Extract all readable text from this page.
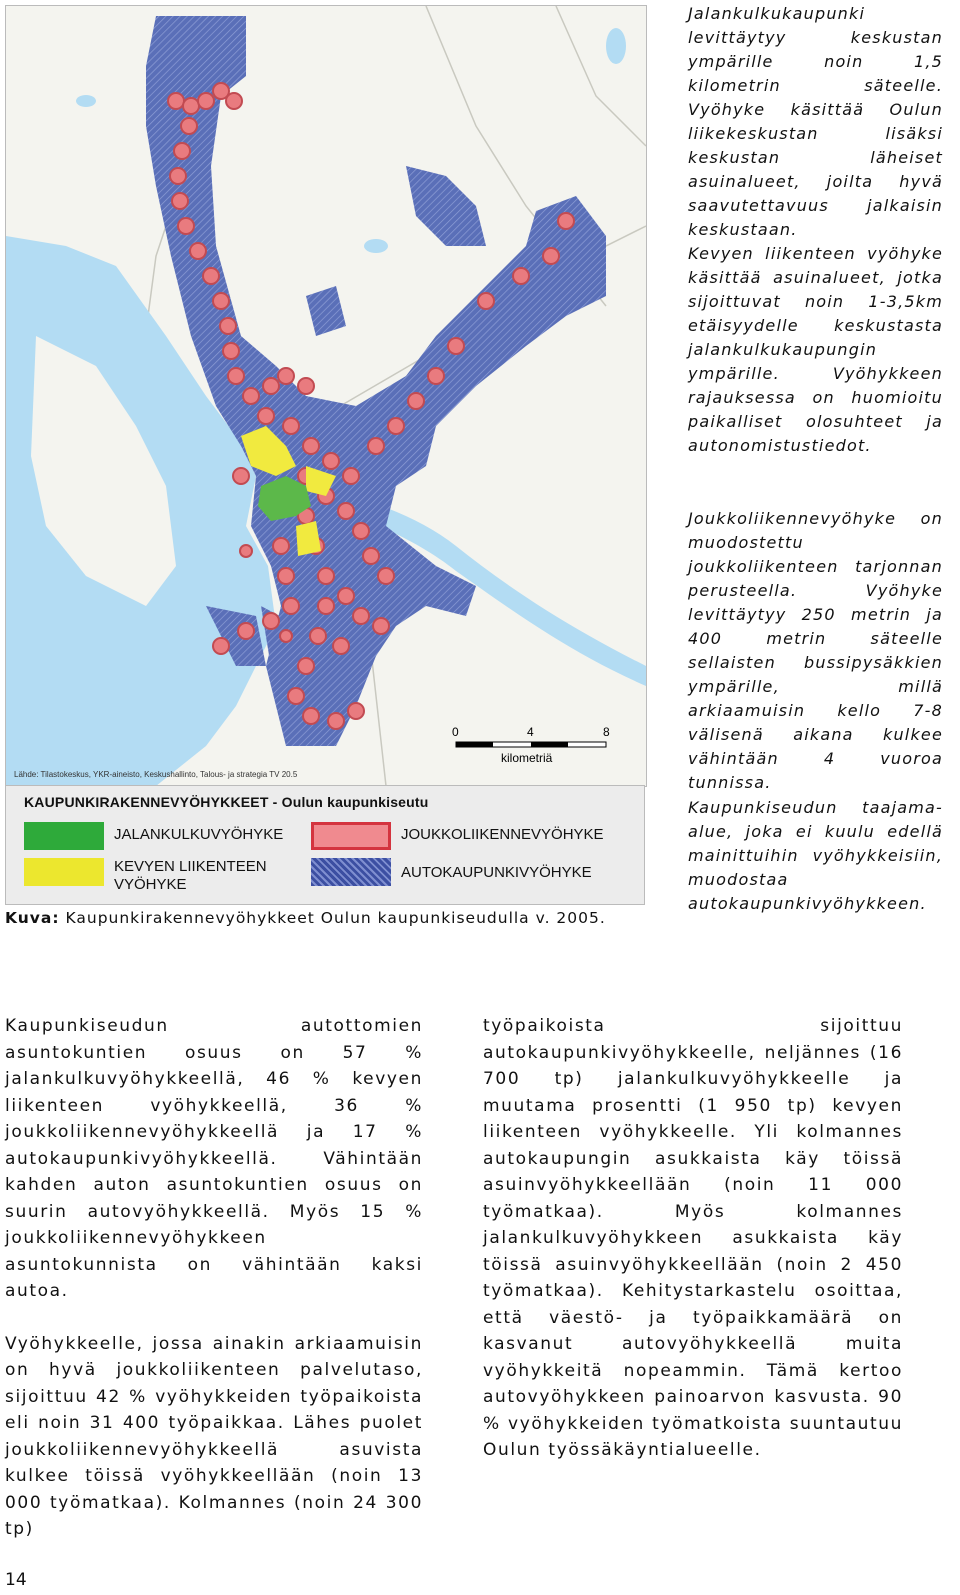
0	4	8
kilometriä
Lähde: Tilastokeskus, YKR-aineisto, Keskushallinto, Talous- ja strategia TV 20.5
KAUPUNKIRAKENNEVYÖHYKKEET - Oulun kaupunkiseutu
JALANKULKUVYÖHYKE	JOUKKOLIIKENNEVYÖHYKE
KEVYEN LIIKENTEEN VYÖHYKE
AUTOKAUPUNKIVYÖHYKE
Kuva: Kaupunkirakennevyöhykkeet Oulun kaupunkiseudulla v. 2005.
Jalankulkukaupunki levittäytyy keskustan ympärille noin 1,5 kilometrin säteelle. Vyöhyke käsittää Oulun liikekeskustan lisäksi keskustan läheiset asuinalueet, joilta hyvä saavutettavuus jalkaisin keskustaan.
Kevyen liikenteen vyöhyke käsittää asuinalueet, jotka sijoittuvat noin 1-3,5km etäisyydelle keskustasta jalankulkukaupungin ympärille. Vyöhykkeen rajauksessa on huomioitu paikalliset olosuhteet ja autonomistustiedot.
Joukkoliikennevyöhyke on muodostettu joukkoliikenteen tarjonnan perusteella. Vyöhyke levittäytyy 250 metrin ja 400 metrin säteelle sellaisten bussipysäkkien ympärille, millä arkiaamuisin kello 7-8 välisenä aikana kulkee vähintään 4 vuoroa tunnissa.
Kaupunkiseudun taajama-alue, joka ei kuulu edellä mainittuihin vyöhykkeisiin, muodostaa autokaupunkivyöhykkeen.

Kaupunkiseudun autottomien asuntokuntien osuus on 57 % jalankulkuvyöhykkeellä, 46 % kevyen liikenteen vyöhykkeellä, 36 % joukkoliikennevyöhykkeellä ja 17 % autokaupunkivyöhykkeellä. Vähintään kahden auton asuntokuntien osuus on suurin autovyöhykkeellä. Myös 15 % joukkoliikennevyöhykkeen asuntokunnista on vähintään kaksi autoa.

Vyöhykkeelle, jossa ainakin arkiaamuisin on hyvä joukkoliikenteen palvelutaso, sijoittuu 42 % vyöhykkeiden työpaikoista eli noin 31 400 työpaikkaa. Lähes puolet joukkoliikennevyöhykkeellä asuvista kulkee töissä vyöhykkeellään (noin 13 000 työmatkaa). Kolmannes (noin 24 300 tp)

työpaikoista sijoittuu autokaupunkivyöhykkeelle, neljännes (16 700 tp) jalankulkuvyöhykkeelle ja muutama prosentti (1 950 tp) kevyen liikenteen vyöhykkeelle. Yli kolmannes autokaupungin asukkaista käy töissä asuinvyöhykkeellään (noin 11 000 työmatkaa). Myös kolmannes jalankulkuvyöhykkeen asukkaista käy töissä asuinvyöhykkeellään (noin 2 450 työmatkaa). Kehitystarkastelu osoittaa, että väestö- ja työpaikkamäärä on kasvanut autovyöhykkeellä muita vyöhykkeitä nopeammin. Tämä kertoo autovyöhykkeen painoarvon kasvusta. 90 % vyöhykkeiden työmatkoista suuntautuu Oulun työssäkäyntialueelle.

14
